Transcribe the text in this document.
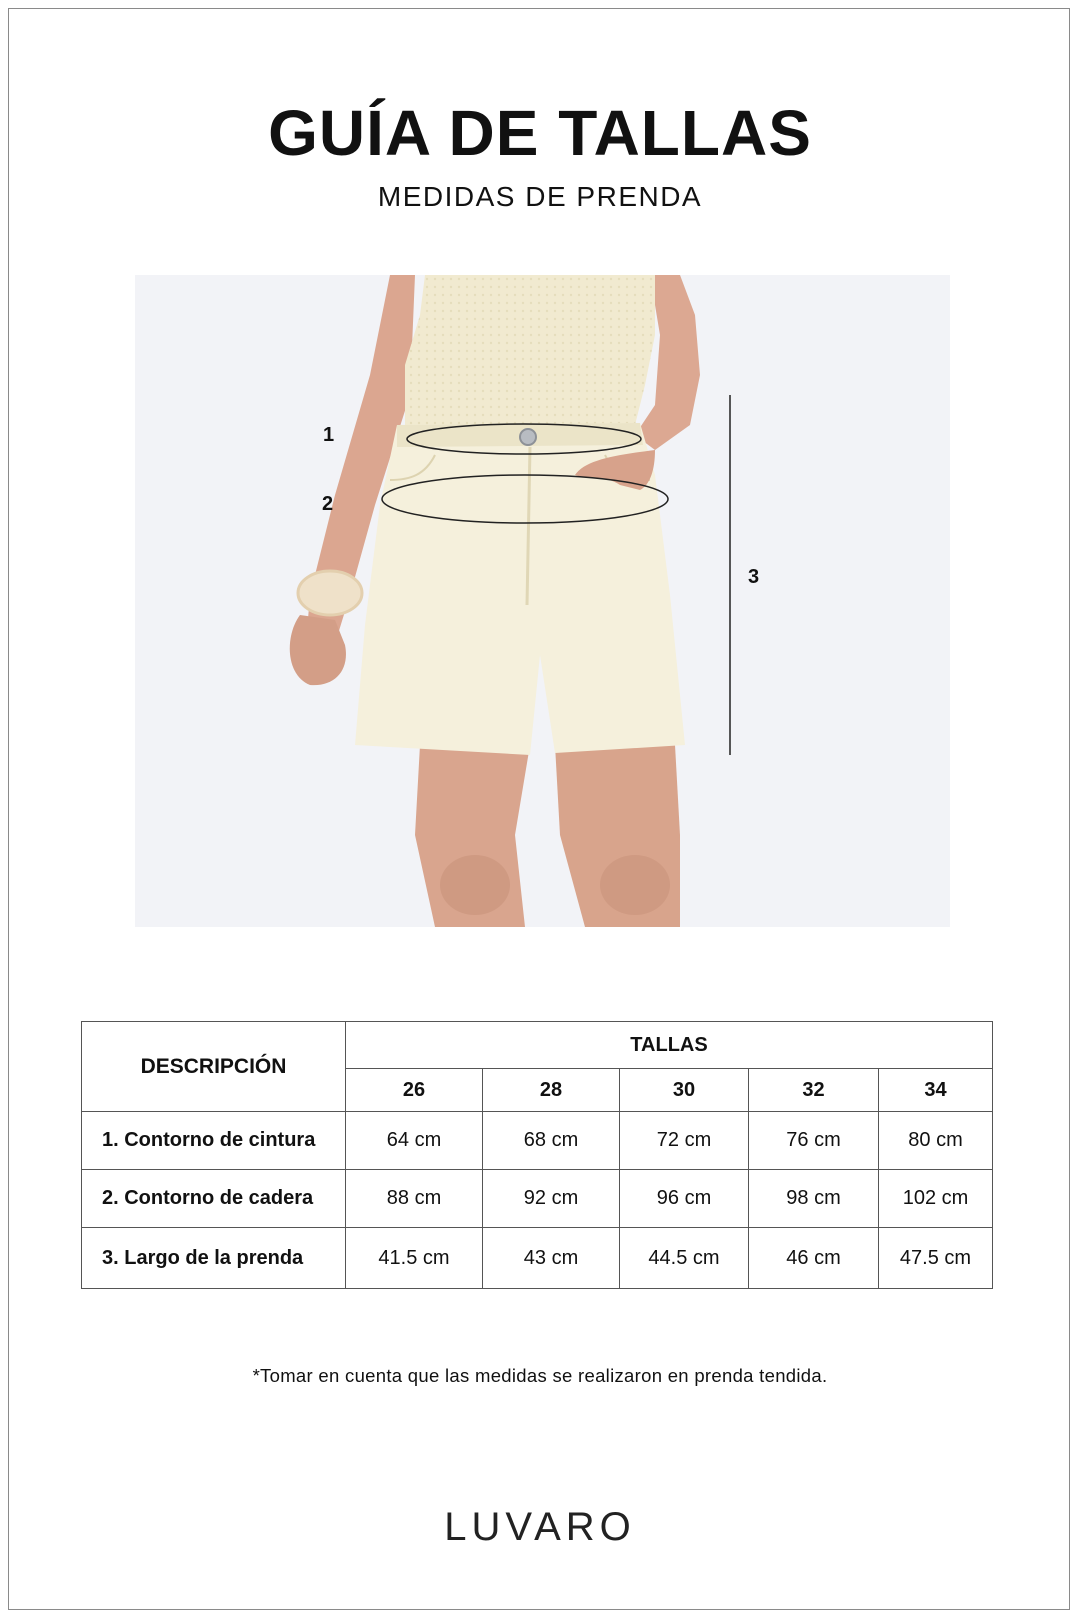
GUÍA DE TALLAS
MEDIDAS DE PRENDA
1
2
3
DESCRIPCIÓN	TALLAS				
	26	28	30	32	34
1. Contorno de cintura	64 cm	68 cm	72 cm	76 cm	80 cm
2. Contorno de cadera	88 cm	92 cm	96 cm	98 cm	102 cm
3. Largo de la prenda	41.5 cm	43 cm	44.5 cm	46 cm	47.5 cm
*Tomar en cuenta que las medidas se realizaron en prenda tendida.
LUVARO
